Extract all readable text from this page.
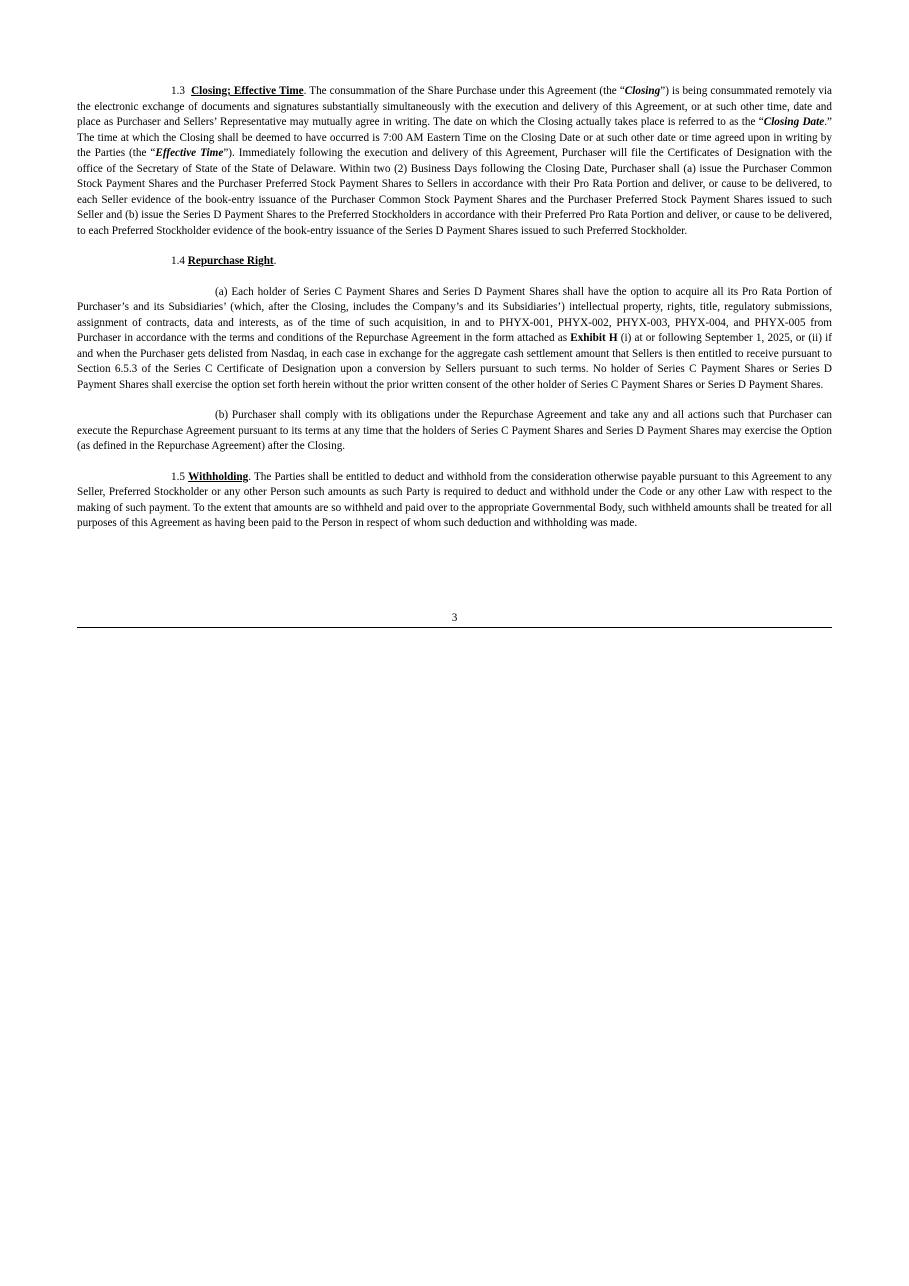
1.3 Closing; Effective Time. The consummation of the Share Purchase under this Agreement (the “Closing”) is being consummated remotely via the electronic exchange of documents and signatures substantially simultaneously with the execution and delivery of this Agreement, or at such other time, date and place as Purchaser and Sellers’ Representative may mutually agree in writing. The date on which the Closing actually takes place is referred to as the “Closing Date.” The time at which the Closing shall be deemed to have occurred is 7:00 AM Eastern Time on the Closing Date or at such other date or time agreed upon in writing by the Parties (the “Effective Time”). Immediately following the execution and delivery of this Agreement, Purchaser will file the Certificates of Designation with the office of the Secretary of State of the State of Delaware. Within two (2) Business Days following the Closing Date, Purchaser shall (a) issue the Purchaser Common Stock Payment Shares and the Purchaser Preferred Stock Payment Shares to Sellers in accordance with their Pro Rata Portion and deliver, or cause to be delivered, to each Seller evidence of the book-entry issuance of the Purchaser Common Stock Payment Shares and the Purchaser Preferred Stock Payment Shares issued to such Seller and (b) issue the Series D Payment Shares to the Preferred Stockholders in accordance with their Preferred Pro Rata Portion and deliver, or cause to be delivered, to each Preferred Stockholder evidence of the book-entry issuance of the Series D Payment Shares issued to such Preferred Stockholder.

1.4 Repurchase Right.

(a) Each holder of Series C Payment Shares and Series D Payment Shares shall have the option to acquire all its Pro Rata Portion of Purchaser’s and its Subsidiaries’ (which, after the Closing, includes the Company’s and its Subsidiaries’) intellectual property, rights, title, regulatory submissions, assignment of contracts, data and interests, as of the time of such acquisition, in and to PHYX-001, PHYX-002, PHYX-003, PHYX-004, and PHYX-005 from Purchaser in accordance with the terms and conditions of the Repurchase Agreement in the form attached as Exhibit H (i) at or following September 1, 2025, or (ii) if and when the Purchaser gets delisted from Nasdaq, in each case in exchange for the aggregate cash settlement amount that Sellers is then entitled to receive pursuant to Section 6.5.3 of the Series C Certificate of Designation upon a conversion by Sellers pursuant to such terms. No holder of Series C Payment Shares or Series D Payment Shares shall exercise the option set forth herein without the prior written consent of the other holder of Series C Payment Shares or Series D Payment Shares.

(b) Purchaser shall comply with its obligations under the Repurchase Agreement and take any and all actions such that Purchaser can execute the Repurchase Agreement pursuant to its terms at any time that the holders of Series C Payment Shares and Series D Payment Shares may exercise the Option (as defined in the Repurchase Agreement) after the Closing.

1.5 Withholding. The Parties shall be entitled to deduct and withhold from the consideration otherwise payable pursuant to this Agreement to any Seller, Preferred Stockholder or any other Person such amounts as such Party is required to deduct and withhold under the Code or any other Law with respect to the making of such payment. To the extent that amounts are so withheld and paid over to the appropriate Governmental Body, such withheld amounts shall be treated for all purposes of this Agreement as having been paid to the Person in respect of whom such deduction and withholding was made.

3
